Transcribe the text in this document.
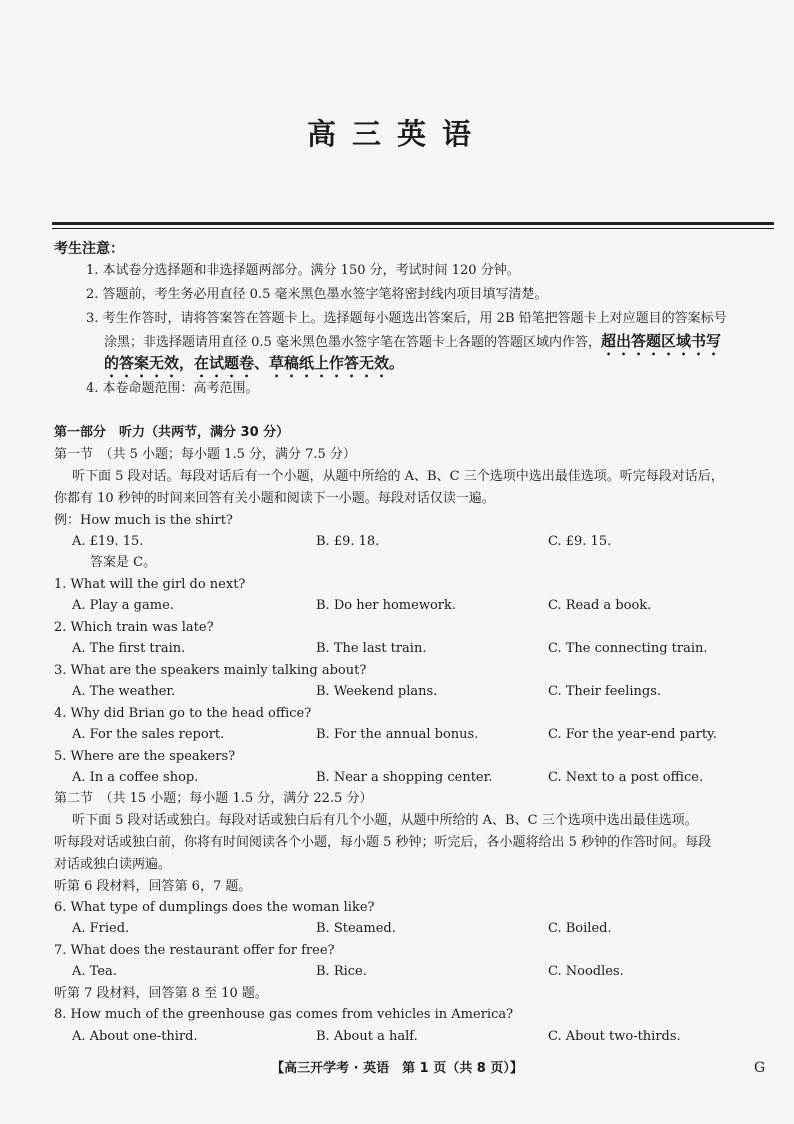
高三英语
考生注意：
1. 本试卷分选择题和非选择题两部分。满分 150 分，考试时间 120 分钟。
2. 答题前，考生务必用直径 0.5 毫米黑色墨水签字笔将密封线内项目填写清楚。
3. 考生作答时，请将答案答在答题卡上。选择题每小题选出答案后，用 2B 铅笔把答题卡上对应题目的答案标号
涂黑；非选择题请用直径 0.5 毫米黑色墨水签字笔在答题卡上各题的答题区域内作答，超出答题区域书写
的答案无效，在试题卷、草稿纸上作答无效。
4. 本卷命题范围：高考范围。
第一部分　听力（共两节，满分 30 分）
第一节　（共 5 小题；每小题 1.5 分，满分 7.5 分）
听下面 5 段对话。每段对话后有一个小题，从题中所给的 A、B、C 三个选项中选出最佳选项。听完每段对话后，
你都有 10 秒钟的时间来回答有关小题和阅读下一小题。每段对话仅读一遍。
例：How much is the shirt?
A. £19. 15.	B. £9. 18.	C. £9. 15.
答案是 C。
1. What will the girl do next?
A. Play a game.	B. Do her homework.	C. Read a book.
2. Which train was late?
A. The first train.	B. The last train.	C. The connecting train.
3. What are the speakers mainly talking about?
A. The weather.	B. Weekend plans.	C. Their feelings.
4. Why did Brian go to the head office?
A. For the sales report.	B. For the annual bonus.	C. For the year-end party.
5. Where are the speakers?
A. In a coffee shop.	B. Near a shopping center.	C. Next to a post office.
第二节　（共 15 小题；每小题 1.5 分，满分 22.5 分）
听下面 5 段对话或独白。每段对话或独白后有几个小题，从题中所给的 A、B、C 三个选项中选出最佳选项。
听每段对话或独白前，你将有时间阅读各个小题，每小题 5 秒钟；听完后，各小题将给出 5 秒钟的作答时间。每段
对话或独白读两遍。
听第 6 段材料，回答第 6，7 题。
6. What type of dumplings does the woman like?
A. Fried.	B. Steamed.	C. Boiled.
7. What does the restaurant offer for free?
A. Tea.	B. Rice.	C. Noodles.
听第 7 段材料，回答第 8 至 10 题。
8. How much of the greenhouse gas comes from vehicles in America?
A. About one-third.	B. About a half.	C. About two-thirds.
【高三开学考 · 英语　第 1 页（共 8 页）】	G
